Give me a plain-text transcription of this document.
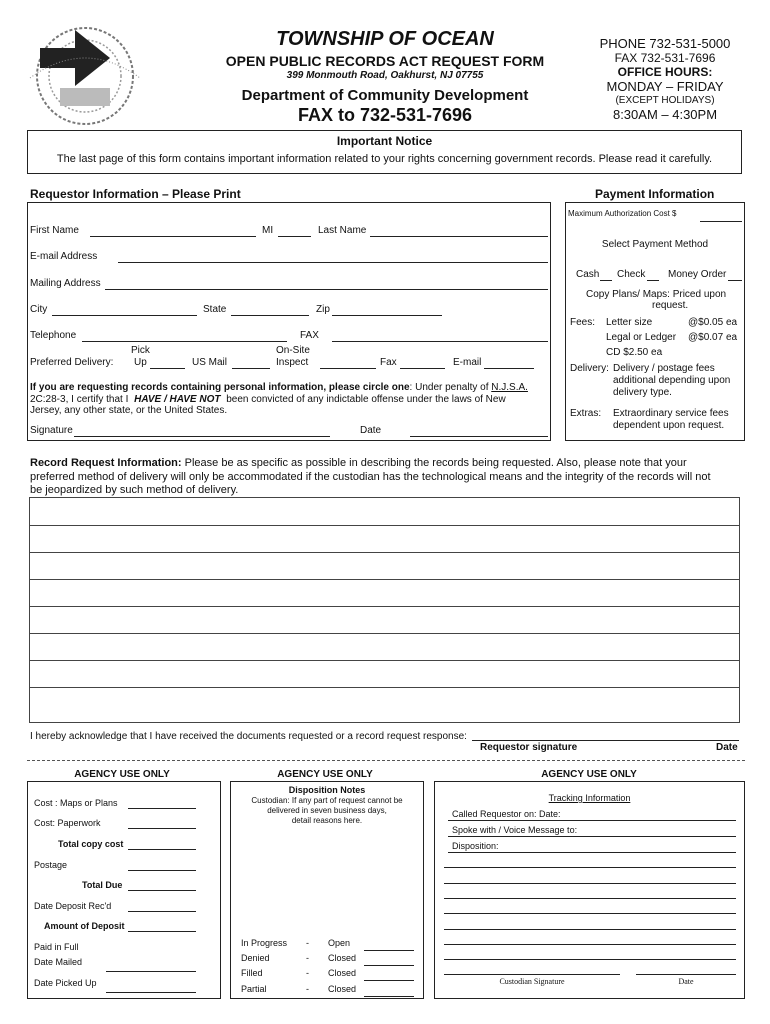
TOWNSHIP OF OCEAN
OPEN PUBLIC RECORDS ACT REQUEST FORM
399 Monmouth Road, Oakhurst, NJ 07755
Department of Community Development
FAX to 732-531-7696
PHONE 732-531-5000
FAX 732-531-7696
OFFICE HOURS:
MONDAY – FRIDAY
(EXCEPT HOLIDAYS)
8:30AM – 4:30PM
Important Notice
The last page of this form contains important information related to your rights concerning government records. Please read it carefully.
Requestor Information – Please Print
First Name	MI	Last Name
E-mail Address
Mailing Address
City	State	Zip
Telephone	FAX
Pick	On-Site
Preferred Delivery: Up	US Mail	Inspect	Fax	E-mail
If you are requesting records containing personal information, please circle one: Under penalty of N.J.S.A.
2C:28-3, I certify that I HAVE / HAVE NOT been convicted of any indictable offense under the laws of New
Jersey, any other state, or the United States.
Signature	Date
Payment Information
Maximum Authorization Cost $
Select Payment Method
Cash Check Money Order
Copy Plans/ Maps: Priced upon
request.
Fees: Letter size	@$0.05 ea
Legal or Ledger @$0.07 ea
CD $2.50 ea
Delivery: Delivery / postage fees
additional depending upon
delivery type.
Extras: Extraordinary service fees
dependent upon request.
Record Request Information: Please be as specific as possible in describing the records being requested. Also, please note that your
preferred method of delivery will only be accommodated if the custodian has the technological means and the integrity of the records will not
be jeopardized by such method of delivery.
I hereby acknowledge that I have received the documents requested or a record request response:
Requestor signature	Date
AGENCY USE ONLY
Cost : Maps or Plans
Cost: Paperwork
Total copy cost
Postage
Total Due
Date Deposit Rec'd
Amount of Deposit
Paid in Full
Date Mailed
Date Picked Up
AGENCY USE ONLY
Disposition Notes
Custodian: If any part of request cannot be
delivered in seven business days,
detail reasons here.
In Progress - Open
Denied	- Closed
Filled	- Closed
Partial	- Closed
AGENCY USE ONLY
Tracking Information
Called Requestor on: Date:
Spoke with / Voice Message to:
Disposition:
Custodian Signature	Date
